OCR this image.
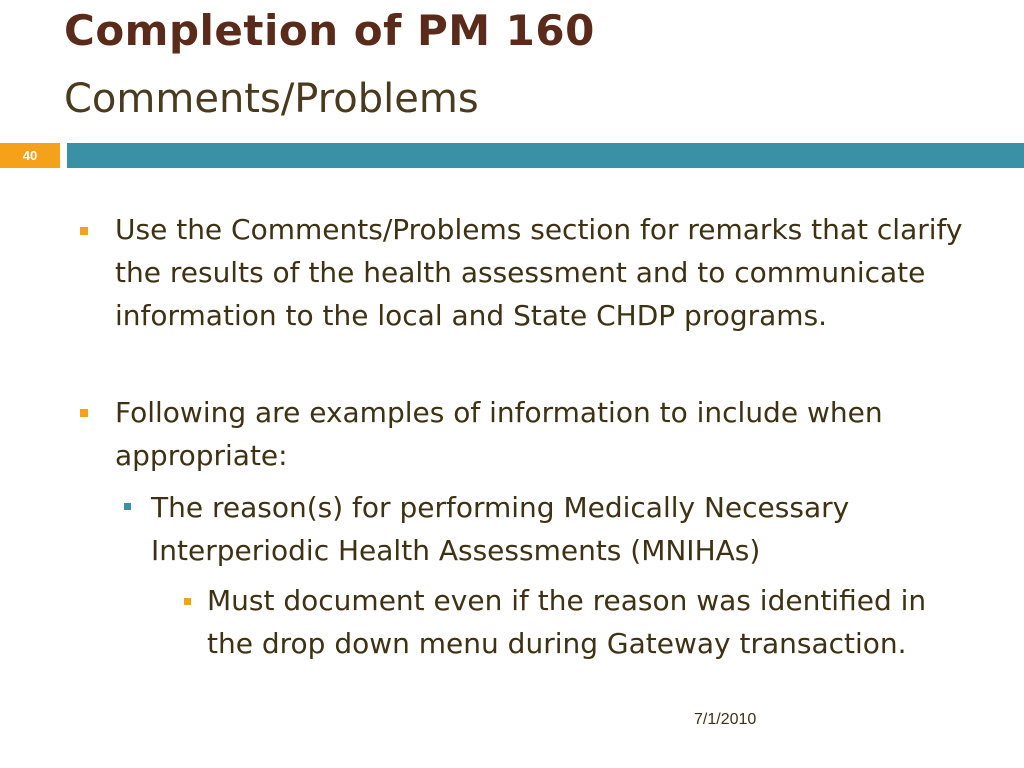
Completion of PM 160
Comments/Problems
40
Use the Comments/Problems section for remarks that clarify the results of the health assessment and to communicate information to the local and State CHDP programs.
Following are examples of information to include when appropriate:
The reason(s) for performing Medically Necessary Interperiodic Health Assessments (MNIHAs)
Must document even if the reason was identified in the drop down menu during Gateway transaction.
7/1/2010
